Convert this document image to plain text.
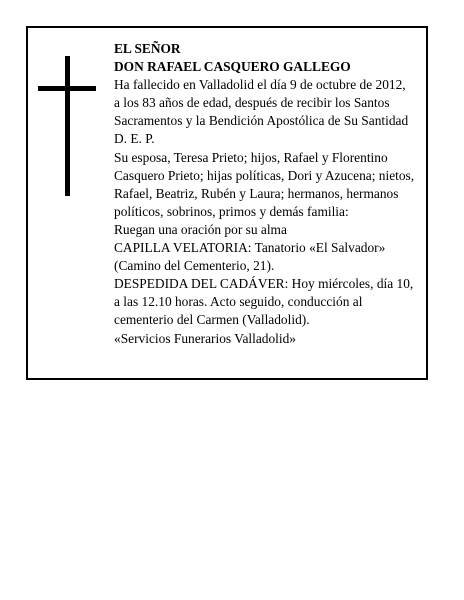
EL SEÑOR
DON RAFAEL CASQUERO GALLEGO
Ha fallecido en Valladolid el día 9 de octubre de 2012,
a los 83 años de edad, después de recibir los Santos
Sacramentos y la Bendición Apostólica de Su Santidad
D. E. P.
Su esposa, Teresa Prieto; hijos, Rafael y Florentino
Casquero Prieto; hijas políticas, Dori y Azucena; nietos,
Rafael, Beatriz, Rubén y Laura; hermanos, hermanos
políticos, sobrinos, primos y demás familia:
Ruegan una oración por su alma
CAPILLA VELATORIA: Tanatorio «El Salvador»
(Camino del Cementerio, 21).
DESPEDIDA DEL CADÁVER: Hoy miércoles, día 10,
a las 12.10 horas. Acto seguido, conducción al
cementerio del Carmen (Valladolid).
«Servicios Funerarios Valladolid»
